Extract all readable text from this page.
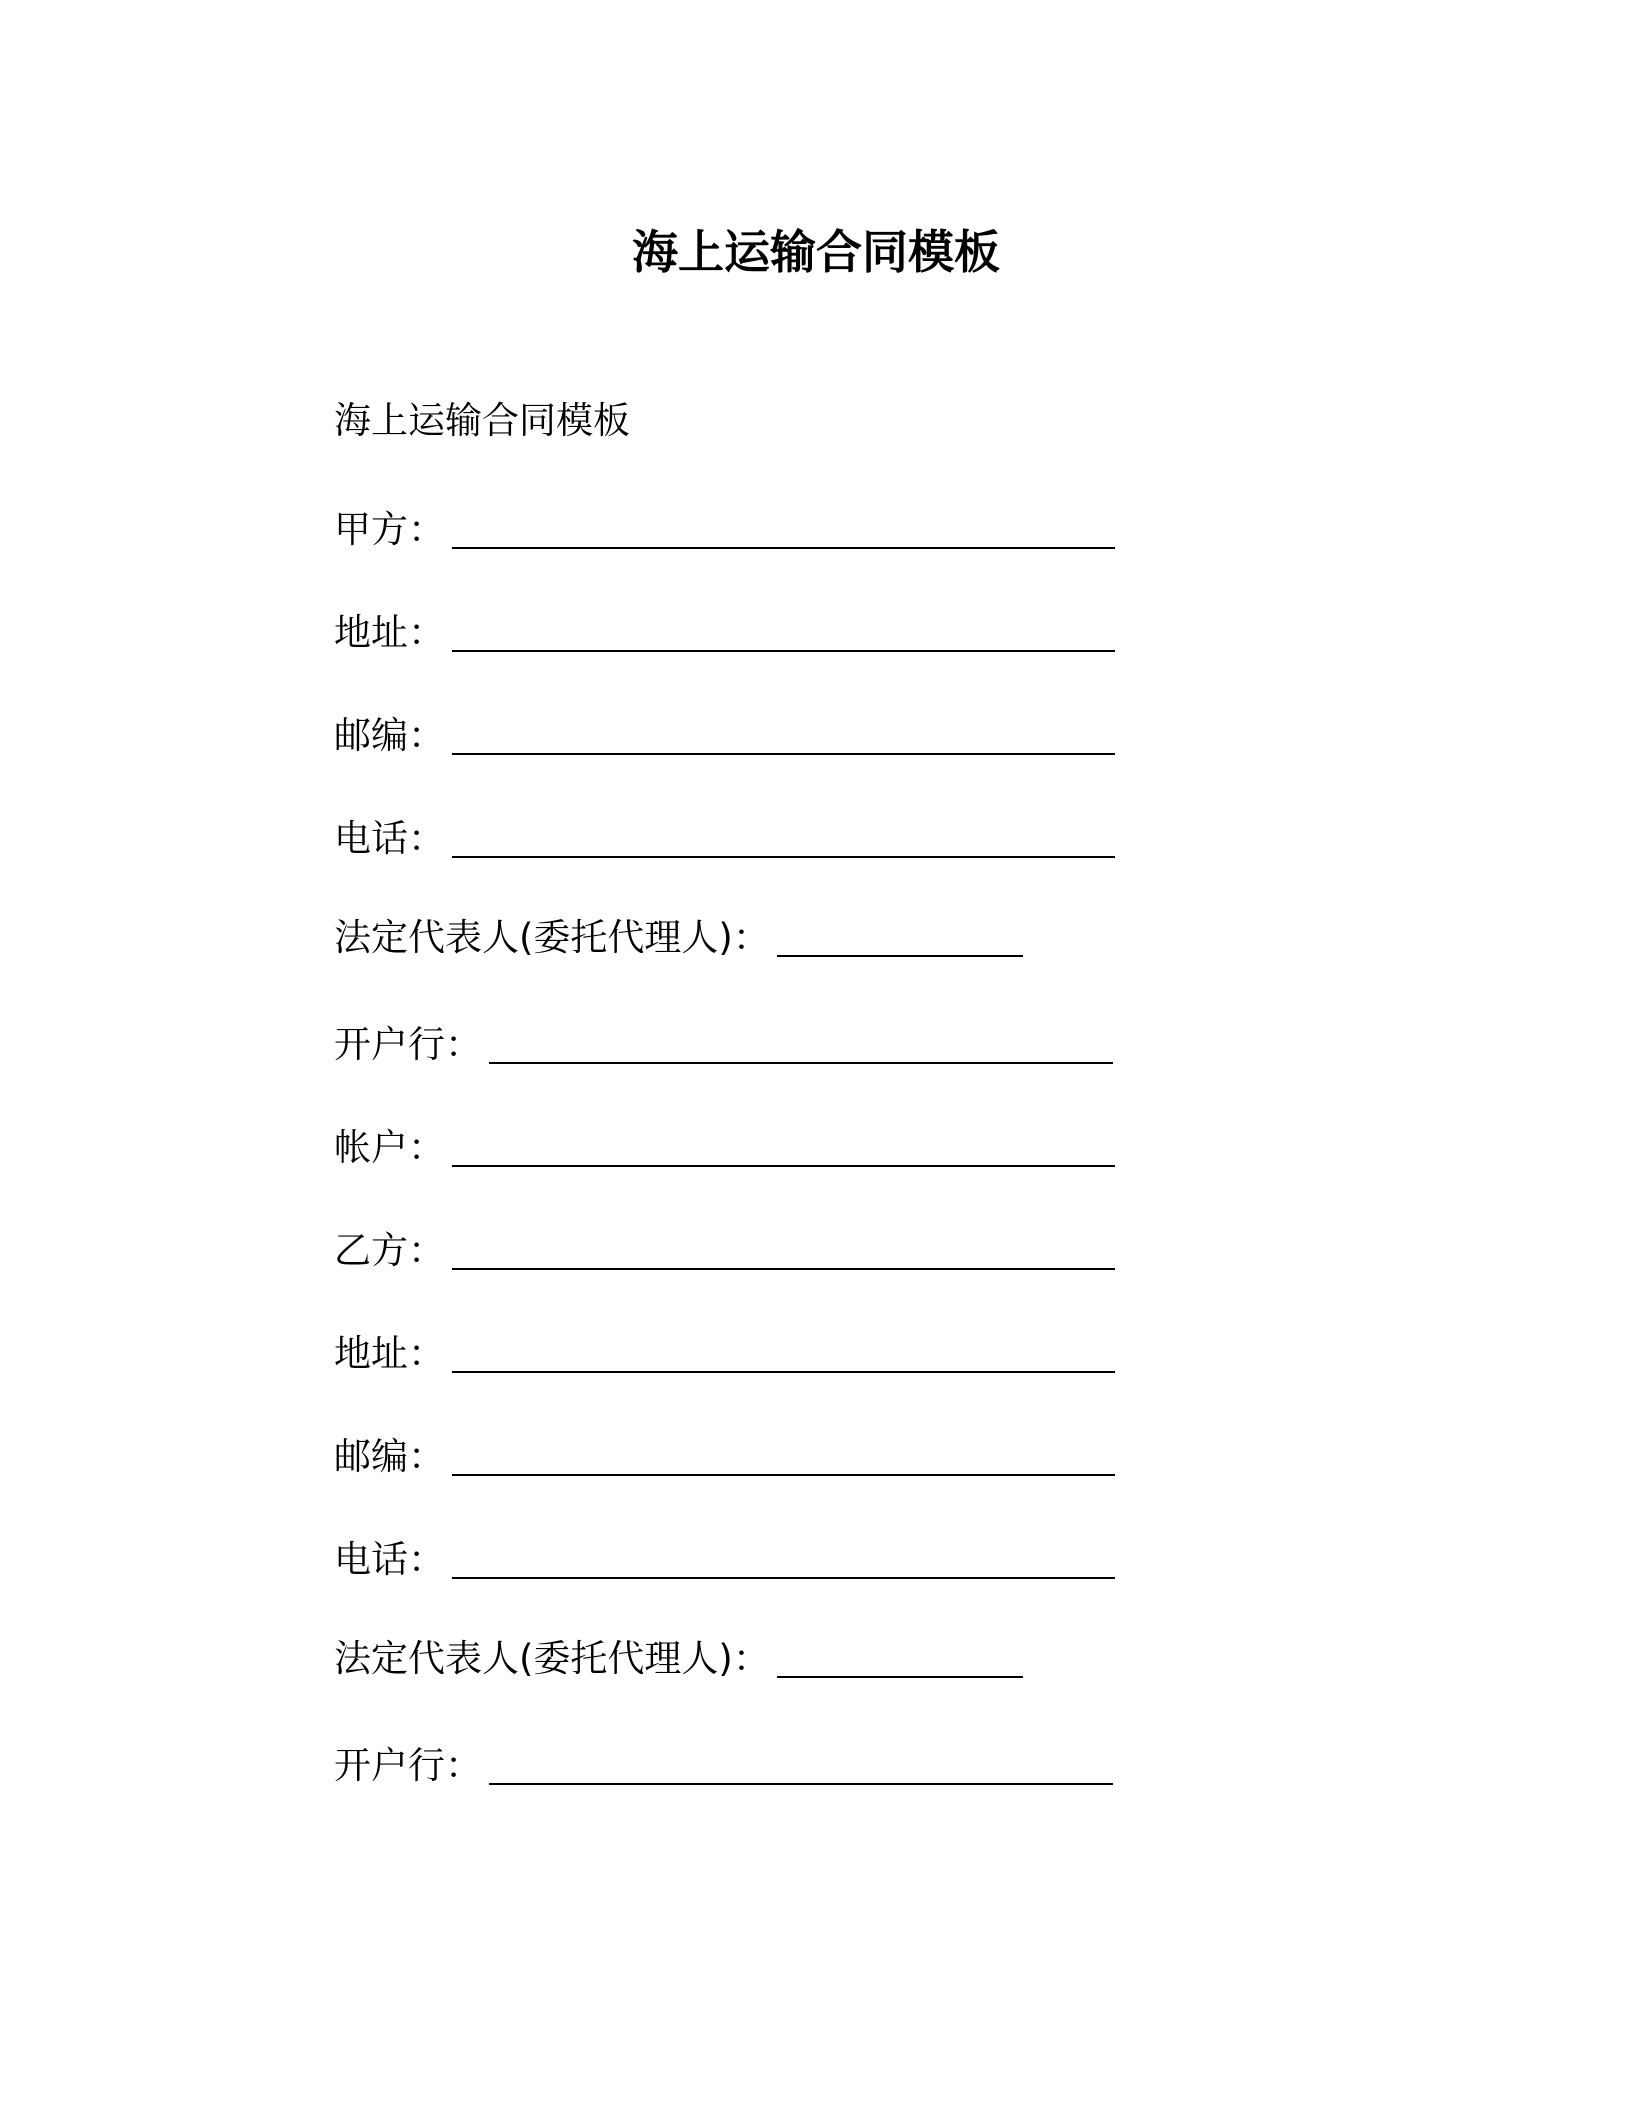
海上运输合同模板
海上运输合同模板
甲方 ：
地址 ：
邮编 ：
电话 ：
法定代表人(委托代理人) ：
开户行 ：
帐户 ：
乙方 ：
地址 ：
邮编 ：
电话 ：
法定代表人(委托代理人) ：
开户行 ：
